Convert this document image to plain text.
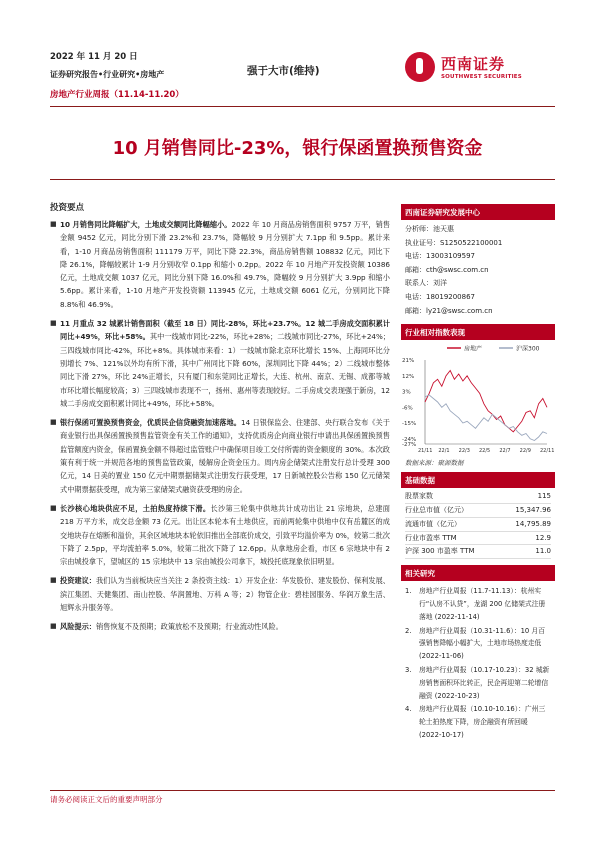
2022 年 11 月 20 日
证券研究报告•行业研究•房地产
房地产行业周报（11.14-11.20）
强于大市(维持)	西南证券
SOUTHWEST SECURITIES
10 月销售同比-23%，银行保函置换预售资金
投资要点
■ 10 月销售同比降幅扩大，土地成交额同比降幅缩小。2022 年 10 月商品房销售面积 9757 万平，销售金额 9452 亿元，同比分别下滑 23.2%和 23.7%，降幅较 9 月分别扩大 7.1pp 和 9.5pp。累计来看，1-10 月商品房销售面积 111179 万平，同比下降 22.3%，商品房销售额 108832 亿元，同比下降 26.1%，降幅较累计 1-9 月分别收窄 0.1pp 和缩小 0.2pp。2022 年 10 月地产开发投资额 10386 亿元，土地成交额 1037 亿元，同比分别下降 16.0%和 49.7%，降幅较 9 月分别扩大 3.9pp 和缩小 5.6pp。累计来看，1-10 月地产开发投资额 113945 亿元，土地成交额 6061 亿元，分别同比下降 8.8%和 46.9%。
■ 11 月重点 32 城累计销售面积（截至 18 日）同比-28%，环比+23.7%。12 城二手房成交面积累计同比+49%，环比+58%。其中一线城市同比-22%，环比+28%；二线城市同比-27%，环比+24%；三四线城市同比-42%，环比+8%。具体城市来看：1）一线城市除北京环比增长 15%、上海同环比分别增长 7%、121%以外均有所下滑，其中广州同比下降 60%，深圳同比下降 44%；2）二线城市整体同比下滑 27%，环比 24%正增长，只有厦门和东莞同比正增长，大连、杭州、南京、无锡、成都等城市环比增长幅度较高；3）三四线城市表现不一，扬州、惠州等表现较好。二手房成交表现强于新房，12 城二手房成交面积累计同比+49%，环比+58%。
■ 银行保函可置换预售资金，优质民企信贷融资加速落地。14 日银保监会、住建部、央行联合发布《关于商业银行出具保函置换预售监管资金有关工作的通知》，支持优质房企向商业银行申请出具保函置换预售监管额度内资金，保函置换金额不得超过监管账户中确保项目竣工交付所需的资金额度的 30%。本次政策有利于统一并规范各地的预售监管政策，缓解房企资金压力。周内房企储架式注册发行总计受理 300 亿元，14 日美的置业 150 亿元中期票据储架式注册发行获受理，17 日新城控股公告称 150 亿元储架式中期票据获受理，成为第三家储架式融资获受理的房企。
■ 长沙核心地块供应不足，土拍热度持续下滑。长沙第三轮集中供地共计成功出让 21 宗地块，总建面 218 万平方米，成交总金额 73 亿元。出让区本轮本有土地供应，而前两轮集中供地中仅有岳麓区的成交地块存在熔断和溢价，其余区域地块本轮依旧推出全部底价成交，引致平均溢价率为 0%，较第二批次下降了 2.5pp，平均流拍率 5.0%，较第二批次下降了 12.6pp。从拿地房企看，市区 6 宗地块中有 2 宗由城投拿下，望城区的 15 宗地块中 13 宗由城投公司拿下，城投托底现象依旧明显。
■ 投资建议：我们认为当前板块应当关注 2 条投资主线：1）开发企业：华发股份、建发股份、保利发展、滨江集团、天健集团、南山控股、华润置地、万科 A 等；2）物管企业：碧桂园服务、华润万象生活、旭辉永升服务等。
■ 风险提示：销售恢复不及预期；政策放松不及预期；行业流动性风险。
西南证券研究发展中心
分析师：池天惠
执业证号：S1250522100001
电话：13003109597
邮箱：cth@swsc.com.cn
联系人：刘洋
电话：18019200867
邮箱：ly21@swsc.com.cn
行业相对指数表现
房地产	沪深300
21%
12%
3%
-6%
-15%
-24%
-27%
21/11 22/1 22/3 22/5 22/7 22/9 22/11
数据来源：聚源数据
基础数据
股票家数	115
行业总市值（亿元）	15,347.96
流通市值（亿元）	14,795.89
行业市盈率 TTM	12.9
沪深 300 市盈率 TTM	11.0
相关研究
1.	房地产行业周报（11.7-11.13）：杭州实行“认房不认贷”，龙湖 200 亿储架式注册落地 (2022-11-14)
2.	房地产行业周报（10.31-11.6）：10 月百强销售降幅小幅扩大，土地市场热度走低 (2022-11-06)
3.	房地产行业周报（10.17-10.23）：32 城新房销售面积环比转正，民企再迎第二轮增信融资 (2022-10-23)
4.	房地产行业周报（10.10-10.16）：广州三轮土拍热度下降，房企融资有所回暖 (2022-10-17)
请务必阅读正文后的重要声明部分
